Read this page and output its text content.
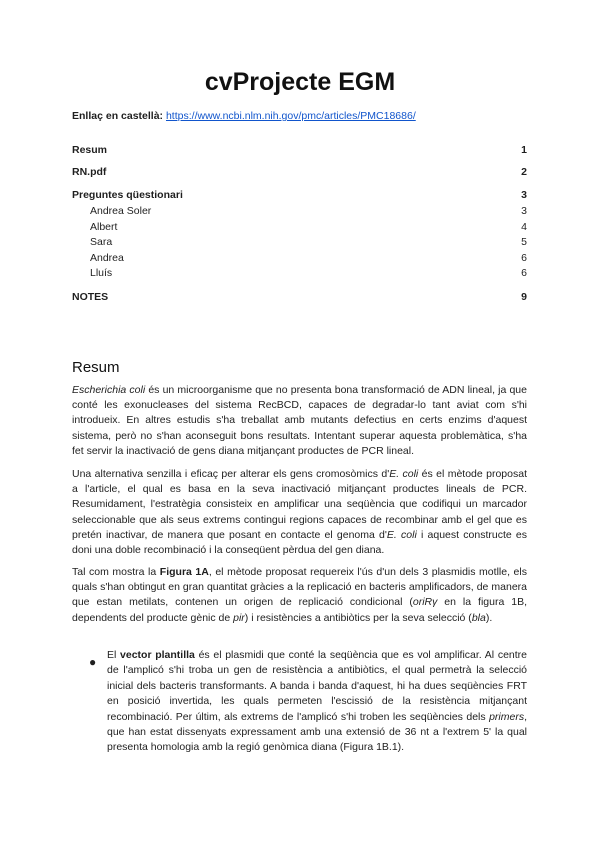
cvProjecte EGM
Enllaç en castellà: https://www.ncbi.nlm.nih.gov/pmc/articles/PMC18686/
Resum	1
RN.pdf	2
Preguntes qüestionari	3
Andrea Soler	3
Albert	4
Sara	5
Andrea	6
Lluís	6
NOTES	9
Resum
Escherichia coli és un microorganisme que no presenta bona transformació de ADN lineal, ja que conté les exonucleases del sistema RecBCD, capaces de degradar-lo tant aviat com s'hi introdueix. En altres estudis s'ha treballat amb mutants defectius en certs enzims d'aquest sistema, però no s'han aconseguit bons resultats. Intentant superar aquesta problemàtica, s'ha fet servir la inactivació de gens diana mitjançant productes de PCR lineal.
Una alternativa senzilla i eficaç per alterar els gens cromosòmics d'E. coli és el mètode proposat a l'article, el qual es basa en la seva inactivació mitjançant productes lineals de PCR. Resumidament, l'estratègia consisteix en amplificar una seqüència que codifiqui un marcador seleccionable que als seus extrems contingui regions capaces de recombinar amb el gel que es pretén inactivar, de manera que posant en contacte el genoma d'E. coli i aquest constructe es doni una doble recombinació i la conseqüent pèrdua del gen diana.
Tal com mostra la Figura 1A, el mètode proposat requereix l'ús d'un dels 3 plasmidis motlle, els quals s'han obtingut en gran quantitat gràcies a la replicació en bacteris amplificadors, de manera que estan metilats, contenen un origen de replicació condicional (oriRγ en la figura 1B, dependents del producte gènic de pir) i resistències a antibiòtics per la seva selecció (bla).
● El vector plantilla és el plasmidi que conté la seqüència que es vol amplificar. Al centre de l'amplicó s'hi troba un gen de resistència a antibiòtics, el qual permetrà la selecció inicial dels bacteris transformants. A banda i banda d'aquest, hi ha dues seqüències FRT en posició invertida, les quals permeten l'escissió de la resistència mitjançant recombinació. Per últim, als extrems de l'amplicó s'hi troben les seqüències dels primers, que han estat dissenyats expressament amb una extensió de 36 nt a l'extrem 5' la qual presenta homologia amb la regió genòmica diana (Figura 1B.1).
